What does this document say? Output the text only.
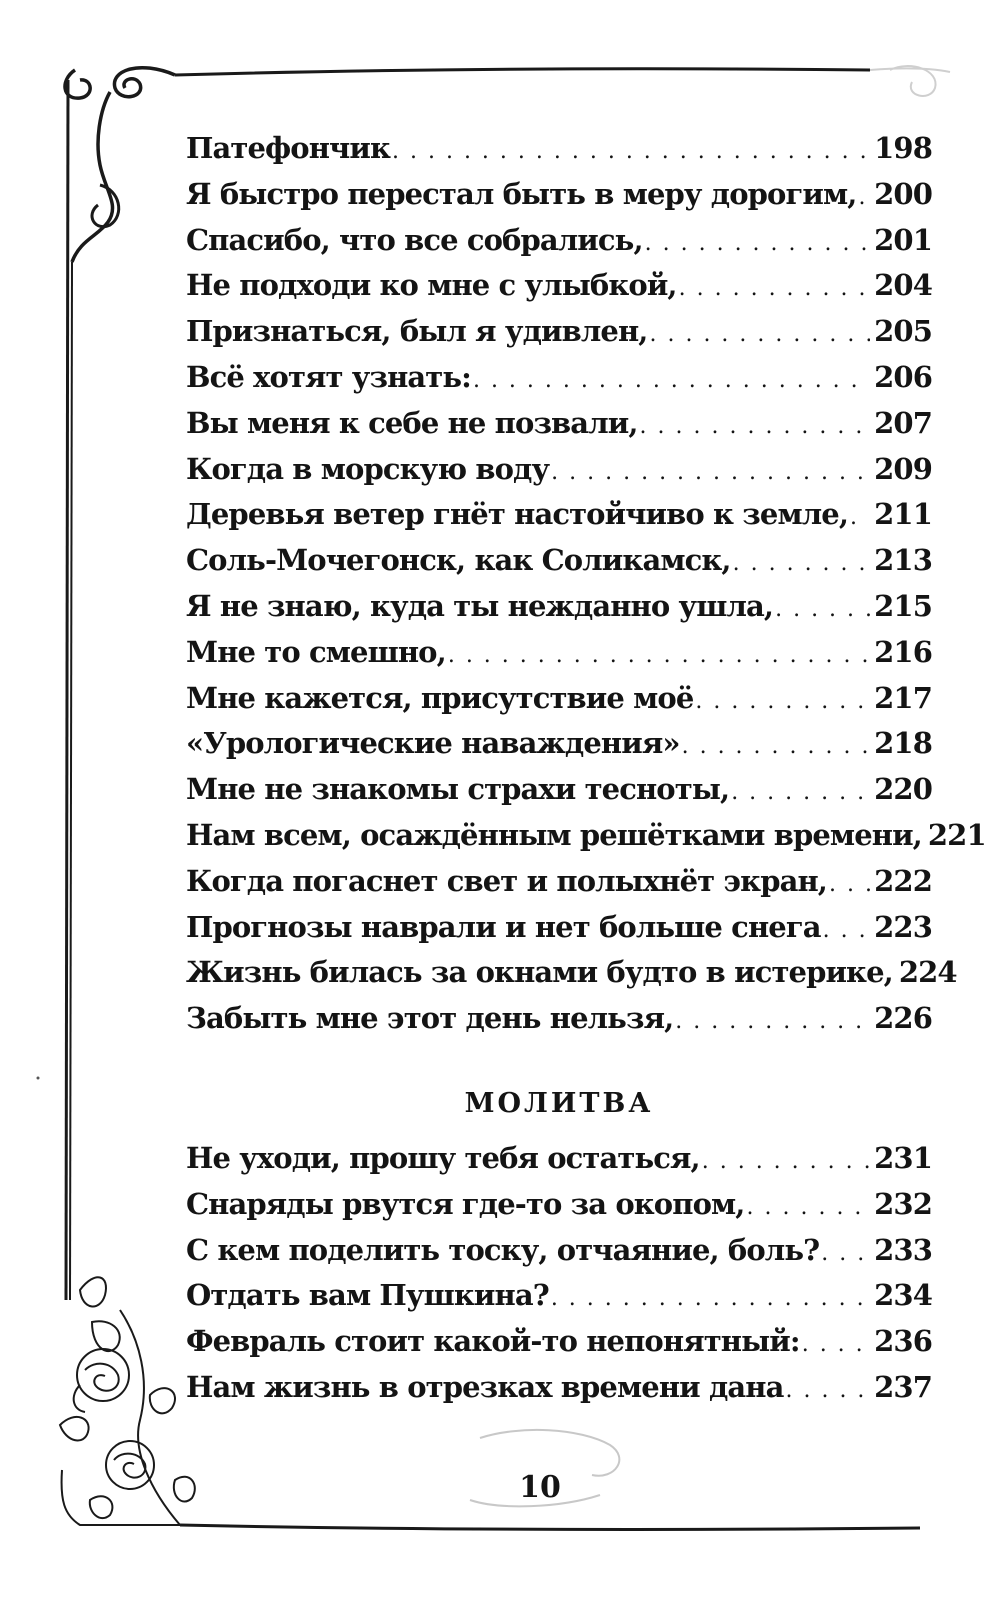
Патефончик . . .	198
Я быстро перестал быть в меру дорогим, . . . 200
Спасибо, что все собрались, . . .	201
Не подходи ко мне с улыбкой, . . .	204
Признаться, был я удивлен, . . .	205
Всё хотят узнать: . . .	206
Вы меня к себе не позвали, . . .	207
Когда в морскую воду . . .	209
Деревья ветер гнёт настойчиво к земле, . . . 211
Соль-Мочегонск, как Соликамск, . . .	213
Я не знаю, куда ты нежданно ушла, . . .	215
Мне то смешно, . . .	216
Мне кажется, присутствие моё . . .	217
«Урологические наваждения» . . .	218
Мне не знакомы страхи тесноты, . . .	220
Нам всем, осаждённым решётками времени, 221
Когда погаснет свет и полыхнёт экран, . . . 222
Прогнозы наврали и нет больше снега . . . 223
Жизнь билась за окнами будто в истерике, 224
Забыть мне этот день нельзя, . . .	226
МОЛИТВА
Не уходи, прошу тебя остаться, . . .	231
Снаряды рвутся где-то за окопом, . . .	232
С кем поделить тоску, отчаяние, боль? . . . 233
Отдать вам Пушкина? . . .	234
Февраль стоит какой-то непонятный: . . .	236
Нам жизнь в отрезках времени дана . . .	237
10
